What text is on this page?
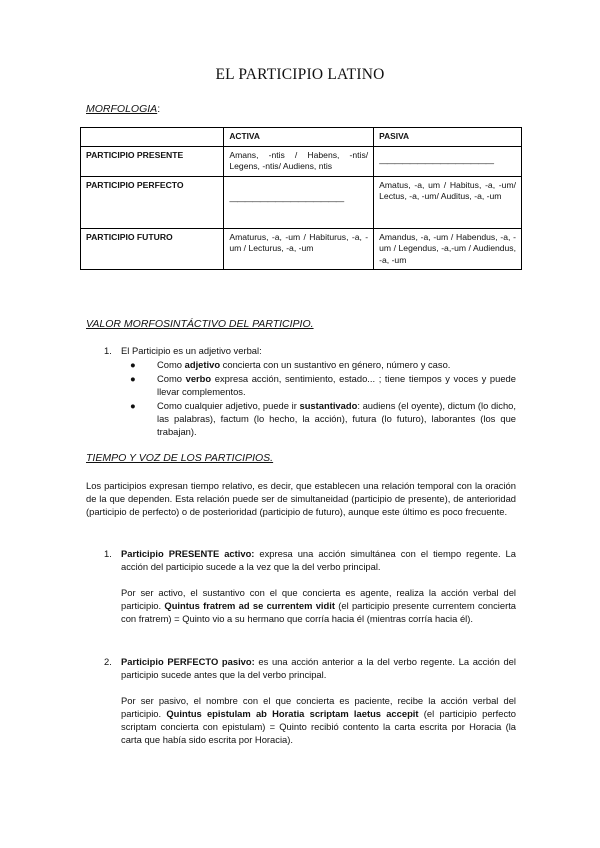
EL PARTICIPIO LATINO
MORFOLOGIA:
	ACTIVA	PASIVA
PARTICIPIO PRESENTE	Amans, -ntis / Habens, -ntis/ Legens, -ntis/ Audiens, ntis	———————————————

PARTICIPIO PERFECTO	———————————————	Amatus, -a, um / Habitus, -a, -um/ Lectus, -a, -um/ Auditus, -a, -um
PARTICIPIO FUTURO	Amaturus, -a, -um / Habiturus, -a, -um / Lecturus, -a, -um	Amandus, -a, -um / Habendus, -a, -um / Legendus, -a,-um / Audiendus, -a, -um
VALOR MORFOSINTÁCTIVO DEL PARTICIPIO.
1. El Participio es un adjetivo verbal:
● Como adjetivo concierta con un sustantivo en género, número y caso.
● Como verbo expresa acción, sentimiento, estado... ; tiene tiempos y voces y puede llevar complementos.
● Como cualquier adjetivo, puede ir sustantivado: audiens (el oyente), dictum (lo dicho, las palabras), factum (lo hecho, la acción), futura (lo futuro), laborantes (los que trabajan).
TIEMPO Y VOZ DE LOS PARTICIPIOS.

Los participios expresan tiempo relativo, es decir, que establecen una relación temporal con la oración de la que dependen. Esta relación puede ser de simultaneidad (participio de presente), de anterioridad (participio de perfecto) o de posterioridad (participio de futuro), aunque este último es poco frecuente.

1. Participio PRESENTE activo: expresa una acción simultánea con el tiempo regente. La acción del participio sucede a la vez que la del verbo principal.

Por ser activo, el sustantivo con el que concierta es agente, realiza la acción verbal del participio. Quintus fratrem ad se currentem vidit (el participio presente currentem concierta con fratrem) = Quinto vio a su hermano que corría hacia él (mientras corría hacia él).

2. Participio PERFECTO pasivo: es una acción anterior a la del verbo regente. La acción del participio sucede antes que la del verbo principal.

Por ser pasivo, el nombre con el que concierta es paciente, recibe la acción verbal del participio. Quintus epistulam ab Horatia scriptam laetus accepit (el participio perfecto scriptam concierta con epistulam) = Quinto recibió contento la carta escrita por Horacia (la carta que había sido escrita por Horacia).
